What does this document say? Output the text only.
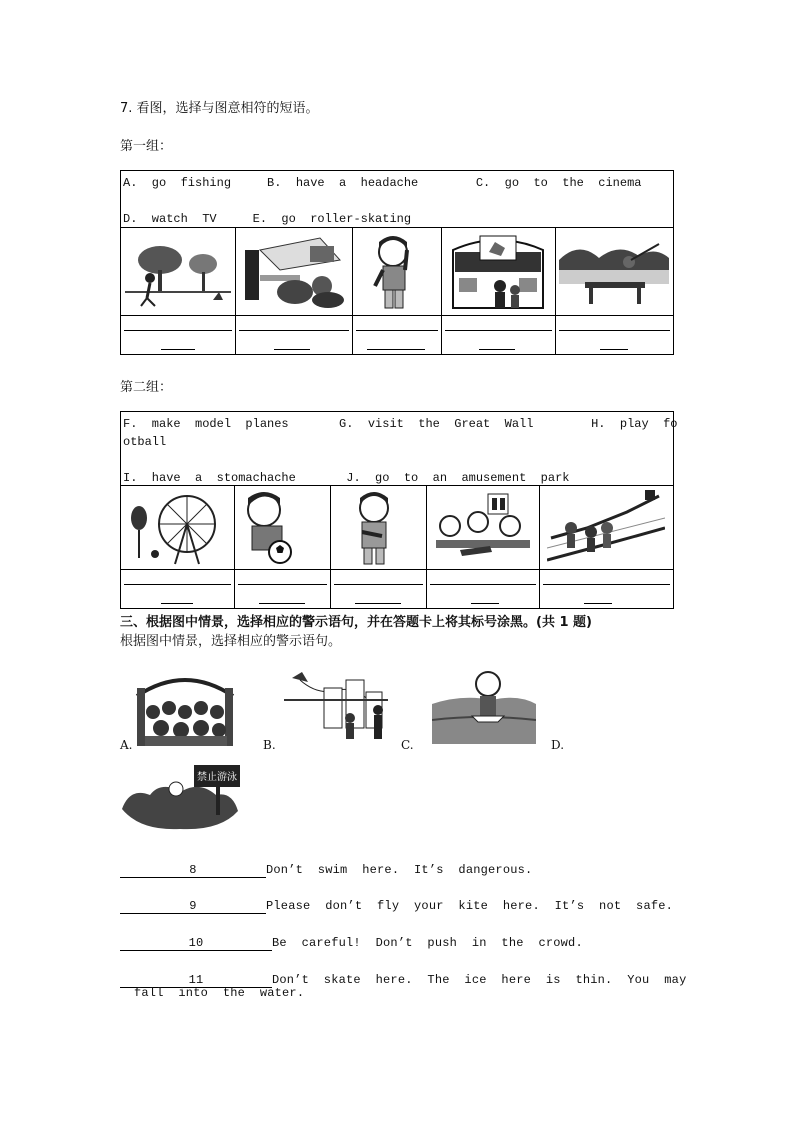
7. 看图，选择与图意相符的短语。
第一组：
A.  go  fishing     B.  have  a  headache        C.  go  to  the  cinema
D.  watch  TV     E.  go  roller-skating				

第二组：
F.  make  model  planes       G.  visit  the  Great  Wall        H.  play  fo
otball
I.  have  a  stomachache       J.  go  to  an  amusement  park				

三、根据图中情景，选择相应的警示语句，并在答题卡上将其标号涂黑。(共 1 题)
根据图中情景，选择相应的警示语句。
A.	B.	C.	D.
禁止游泳
8	Don’t  swim  here.  It’s  dangerous.
9	Please  don’t  fly  your  kite  here.  It’s  not  safe.
10	Be  careful!  Don’t  push  in  the  crowd.
11	Don’t  skate  here.  The  ice  here  is  thin.  You  may
fall  into  the  water.
